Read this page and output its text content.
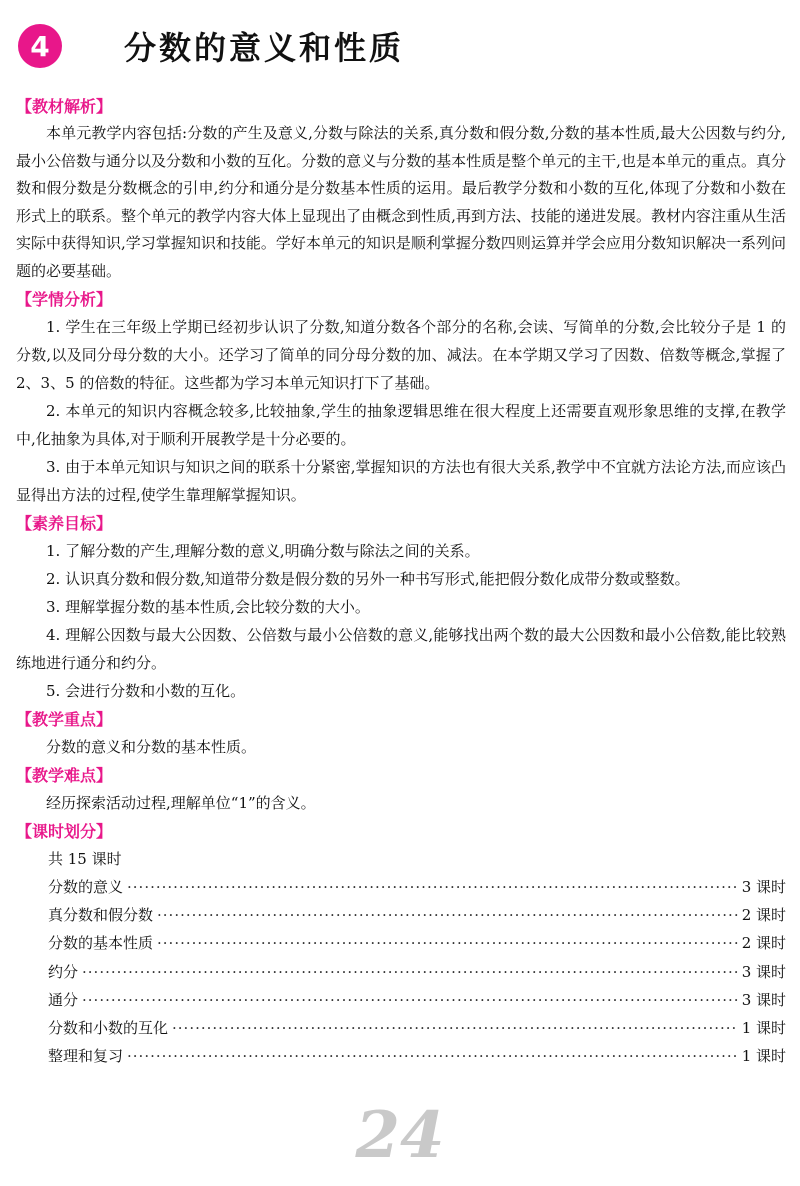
4	分数的意义和性质
【教材解析】

本单元教学内容包括:分数的产生及意义,分数与除法的关系,真分数和假分数,分数的基本性质,最大公因数与约分,最小公倍数与通分以及分数和小数的互化。分数的意义与分数的基本性质是整个单元的主干,也是本单元的重点。真分数和假分数是分数概念的引申,约分和通分是分数基本性质的运用。最后教学分数和小数的互化,体现了分数和小数在形式上的联系。整个单元的教学内容大体上显现出了由概念到性质,再到方法、技能的递进发展。教材内容注重从生活实际中获得知识,学习掌握知识和技能。学好本单元的知识是顺利掌握分数四则运算并学会应用分数知识解决一系列问题的必要基础。

【学情分析】

1. 学生在三年级上学期已经初步认识了分数,知道分数各个部分的名称,会读、写简单的分数,会比较分子是 1 的分数,以及同分母分数的大小。还学习了简单的同分母分数的加、减法。在本学期又学习了因数、倍数等概念,掌握了 2、3、5 的倍数的特征。这些都为学习本单元知识打下了基础。

2. 本单元的知识内容概念较多,比较抽象,学生的抽象逻辑思维在很大程度上还需要直观形象思维的支撑,在教学中,化抽象为具体,对于顺利开展教学是十分必要的。

3. 由于本单元知识与知识之间的联系十分紧密,掌握知识的方法也有很大关系,教学中不宜就方法论方法,而应该凸显得出方法的过程,使学生靠理解掌握知识。

【素养目标】

1. 了解分数的产生,理解分数的意义,明确分数与除法之间的关系。

2. 认识真分数和假分数,知道带分数是假分数的另外一种书写形式,能把假分数化成带分数或整数。

3. 理解掌握分数的基本性质,会比较分数的大小。

4. 理解公因数与最大公因数、公倍数与最小公倍数的意义,能够找出两个数的最大公因数和最小公倍数,能比较熟练地进行通分和约分。

5. 会进行分数和小数的互化。

【教学重点】

分数的意义和分数的基本性质。

【教学难点】

经历探索活动过程,理解单位“1”的含义。

【课时划分】
共 15 课时
分数的意义 ·····	3 课时
真分数和假分数 ·····	2 课时
分数的基本性质 ·····	2 课时
约分 ·····	3 课时
通分 ·····	3 课时
分数和小数的互化 ·····	1 课时
整理和复习 ·····	1 课时
24
